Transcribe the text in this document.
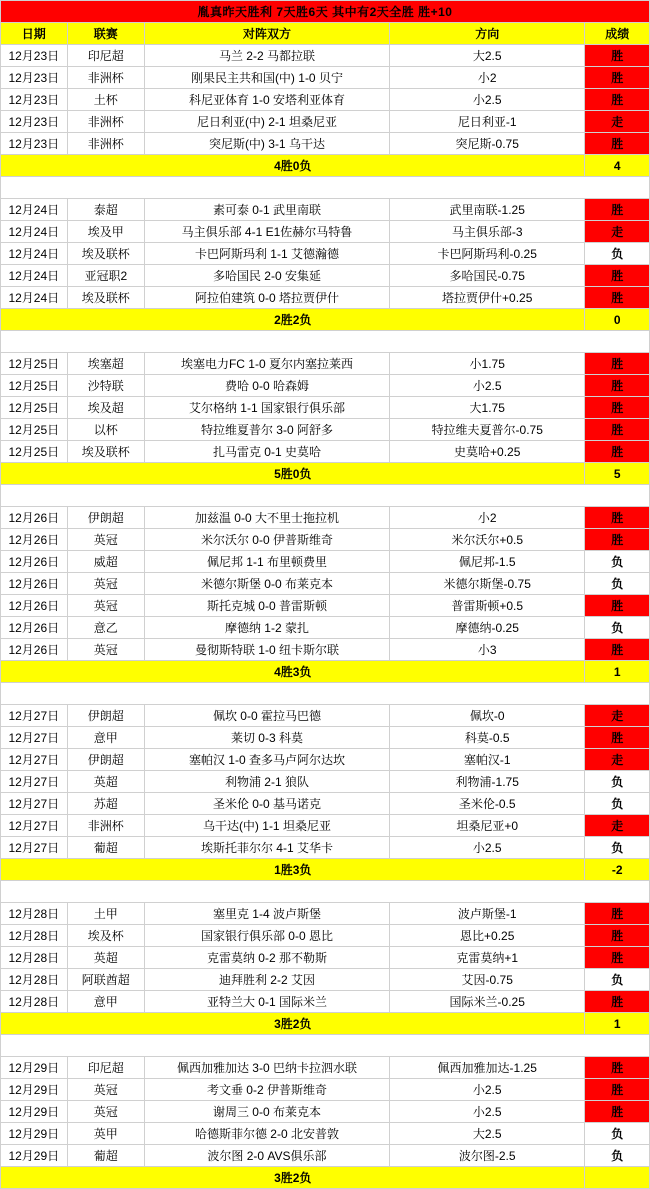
胤真昨天胜利 7天胜6天 其中有2天全胜 胜+10				
日期	联赛	对阵双方	方向	成绩
12月23日	印尼超	马兰 2-2 马都拉联	大2.5	胜
12月23日	非洲杯	刚果民主共和国(中) 1-0 贝宁	小2	胜
12月23日	土杯	科尼亚体育 1-0 安塔利亚体育	小2.5	胜
12月23日	非洲杯	尼日利亚(中) 2-1 坦桑尼亚	尼日利亚-1	走
12月23日	非洲杯	突尼斯(中) 3-1 乌干达	突尼斯-0.75	胜
4胜0负				4

12月24日	泰超	素可泰 0-1 武里南联	武里南联-1.25	胜
12月24日	埃及甲	马主俱乐部 4-1 E1佐赫尔马特鲁	马主俱乐部-3	走
12月24日	埃及联杯	卡巴阿斯玛利 1-1 艾德瀚德	卡巴阿斯玛利-0.25	负
12月24日	亚冠职2	多哈国民 2-0 安集延	多哈国民-0.75	胜
12月24日	埃及联杯	阿拉伯建筑 0-0 塔拉贾伊什	塔拉贾伊什+0.25	胜
2胜2负				0

12月25日	埃塞超	埃塞电力FC 1-0 夏尔内塞拉莱西	小1.75	胜
12月25日	沙特联	费哈 0-0 哈森姆	小2.5	胜
12月25日	埃及超	艾尔格纳 1-1 国家银行俱乐部	大1.75	胜
12月25日	以杯	特拉维夏普尔 3-0 阿舒多	特拉维夫夏普尔-0.75	胜
12月25日	埃及联杯	扎马雷克 0-1 史莫哈	史莫哈+0.25	胜
5胜0负				5

12月26日	伊朗超	加兹温 0-0 大不里士拖拉机	小2	胜
12月26日	英冠	米尔沃尔 0-0 伊普斯维奇	米尔沃尔+0.5	胜
12月26日	威超	佩尼邦 1-1 布里顿费里	佩尼邦-1.5	负
12月26日	英冠	米德尔斯堡 0-0 布莱克本	米德尔斯堡-0.75	负
12月26日	英冠	斯托克城 0-0 普雷斯顿	普雷斯顿+0.5	胜
12月26日	意乙	摩德纳 1-2 蒙扎	摩德纳-0.25	负
12月26日	英冠	曼彻斯特联 1-0 纽卡斯尔联	小3	胜
4胜3负				1

12月27日	伊朗超	佩坎 0-0 霍拉马巴德	佩坎-0	走
12月27日	意甲	莱切 0-3 科莫	科莫-0.5	胜
12月27日	伊朗超	塞帕汉 1-0 查多马卢阿尔达坎	塞帕汉-1	走
12月27日	英超	利物浦 2-1 狼队	利物浦-1.75	负
12月27日	苏超	圣米伦 0-0 基马诺克	圣米伦-0.5	负
12月27日	非洲杯	乌干达(中) 1-1 坦桑尼亚	坦桑尼亚+0	走
12月27日	葡超	埃斯托菲尔尔 4-1 艾华卡	小2.5	负
1胜3负				-2

12月28日	土甲	塞里克 1-4 波卢斯堡	波卢斯堡-1	胜
12月28日	埃及杯	国家银行俱乐部 0-0 恩比	恩比+0.25	胜
12月28日	英超	克雷莫纳 0-2 那不勒斯	克雷莫纳+1	胜
12月28日	阿联酋超	迪拜胜利 2-2 艾因	艾因-0.75	负
12月28日	意甲	亚特兰大 0-1 国际米兰	国际米兰-0.25	胜
3胜2负				1

12月29日	印尼超	佩西加雅加达 3-0 巴纳卡拉泗水联	佩西加雅加达-1.25	胜
12月29日	英冠	考文垂 0-2 伊普斯维奇	小2.5	胜
12月29日	英冠	谢周三 0-0 布莱克本	小2.5	胜
12月29日	英甲	哈德斯菲尔德 2-0 北安普敦	大2.5	负
12月29日	葡超	波尔图 2-0 AVS俱乐部	波尔图-2.5	负
3胜2负				
